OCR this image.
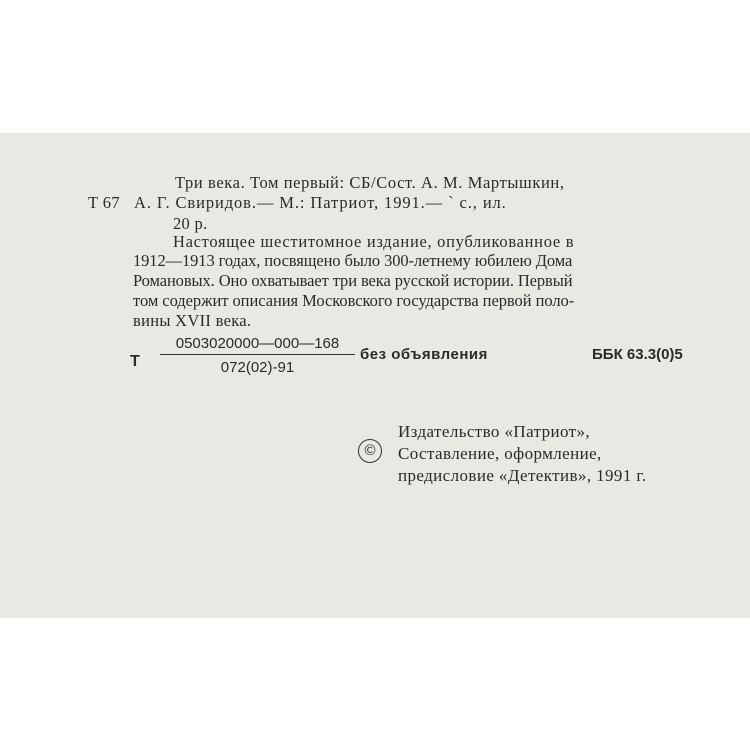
Три века. Том первый: СБ/Сост. А. М. Мартышкин,
Т 67 А. Г. Свиридов.— М.: Патриот, 1991.— ` с., ил.
20 р.
Настоящее шеститомное издание, опубликованное в
1912—1913 годах, посвящено было 300-летнему юбилею Дома
Романовых. Оно охватывает три века русской истории. Первый
том содержит описания Московского государства первой поло-
вины XVII века.
Т $\frac{0503020000—000—168}{072(02)-91}$ без объявления	ББК 63.3(0)5
Издательство «Патриот»,
©	Составление, оформление,
предисловие «Детектив», 1991 г.
